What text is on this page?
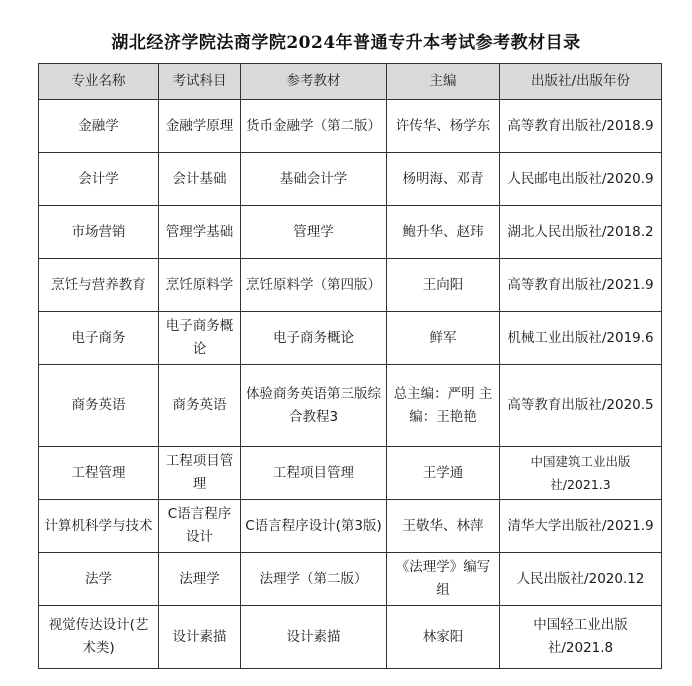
湖北经济学院法商学院2024年普通专升本考试参考教材目录
专业名称	考试科目	参考教材	主编	出版社/出版年份
金融学	金融学原理	货币金融学（第二版）	许传华、杨学东	高等教育出版社/2018.9
会计学	会计基础	基础会计学	杨明海、邓青	人民邮电出版社/2020.9
市场营销	管理学基础	管理学	鲍升华、赵玮	湖北人民出版社/2018.2
烹饪与营养教育	烹饪原料学	烹饪原料学（第四版）	王向阳	高等教育出版社/2021.9
电子商务	电子商务概论	电子商务概论	鲜军	机械工业出版社/2019.6
商务英语	商务英语	体验商务英语第三版综合教程3	总主编：严明 主编：王艳艳	高等教育出版社/2020.5
工程管理	工程项目管理	工程项目管理	王学通	中国建筑工业出版社/2021.3
计算机科学与技术	C语言程序设计	C语言程序设计(第3版)	王敬华、林萍	清华大学出版社/2021.9
法学	法理学	法理学（第二版）	《法理学》编写组	人民出版社/2020.12
视觉传达设计(艺术类)	设计素描	设计素描	林家阳	中国轻工业出版社/2021.8
